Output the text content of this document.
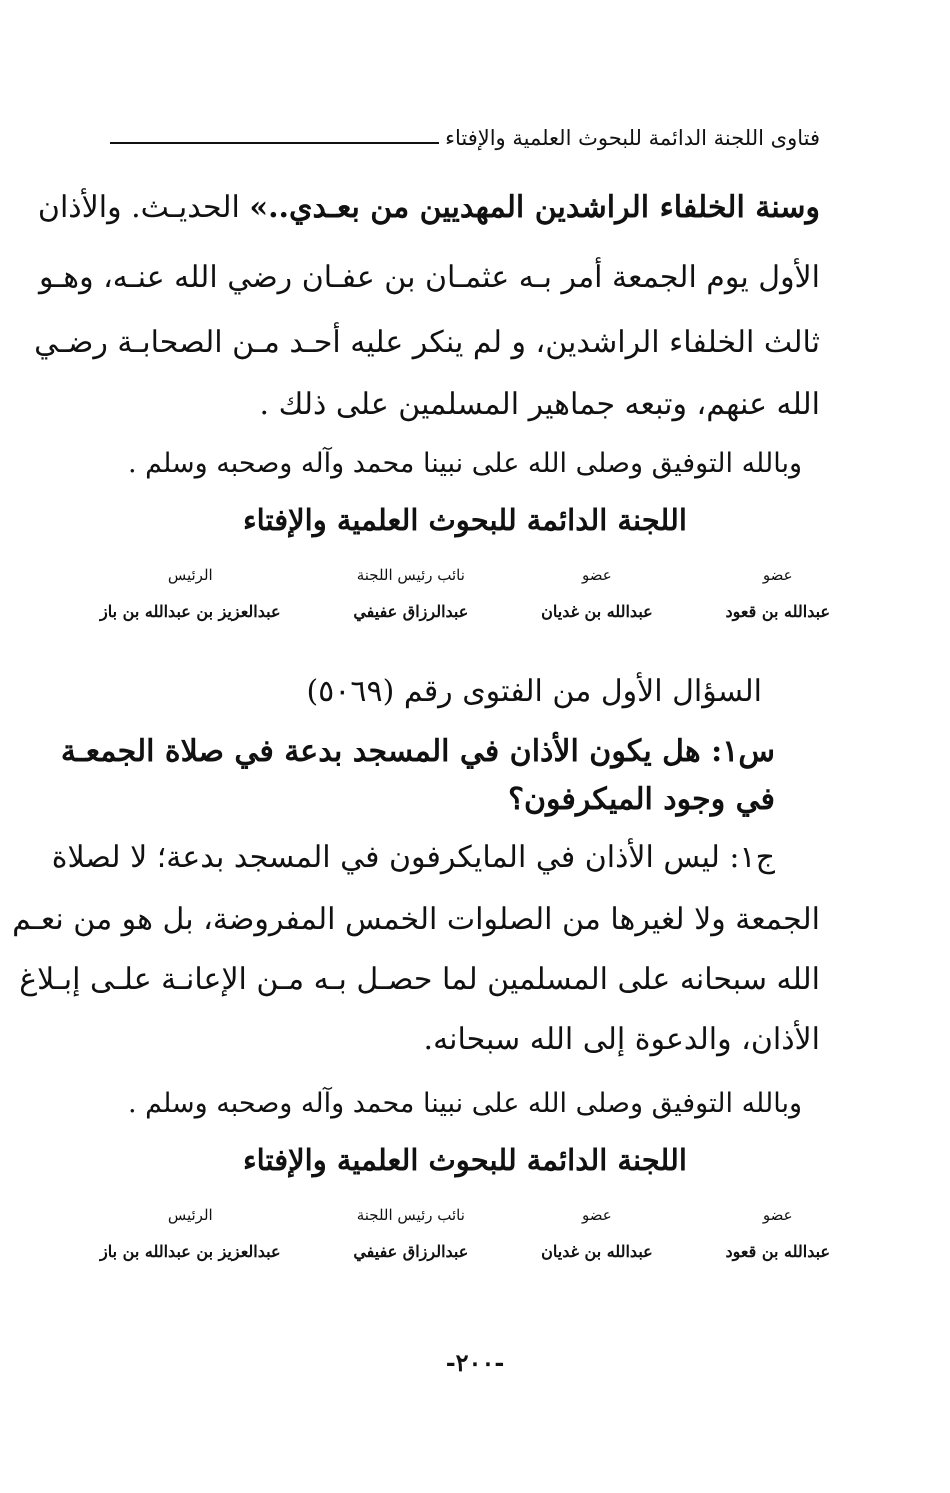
فتاوى اللجنة الدائمة للبحوث العلمية والإفتاء
وسنة الخلفاء الراشدين المهديين من بعـدي..» الحديـث. والأذان
الأول يوم الجمعة أمر بـه عثمـان بن عفـان رضي الله عنـه، وهـو
ثالث الخلفاء الراشدين، و لم ينكر عليه أحـد مـن الصحابـة رضـي
الله عنهم، وتبعه جماهير المسلمين على ذلك .
وبالله التوفيق وصلى الله على نبينا محمد وآله وصحبه وسلم .
اللجنة الدائمة للبحوث العلمية والإفتاء
عضو
عبدالله بن قعود
عضو
عبدالله بن غديان
نائب رئيس اللجنة
عبدالرزاق عفيفي
الرئيس
عبدالعزيز بن عبدالله بن باز
السؤال الأول من الفتوى رقم (٥٠٦٩)
س١: هل يكون الأذان في المسجد بدعة في صلاة الجمعـة
في وجود الميكرفون؟
ج١: ليس الأذان في المايكرفون في المسجد بدعة؛ لا لصلاة
الجمعة ولا لغيرها من الصلوات الخمس المفروضة، بل هو من نعـم
الله سبحانه على المسلمين لما حصـل بـه مـن الإعانـة علـى إبـلاغ
الأذان، والدعوة إلى الله سبحانه.
وبالله التوفيق وصلى الله على نبينا محمد وآله وصحبه وسلم .
اللجنة الدائمة للبحوث العلمية والإفتاء
عضو
عبدالله بن قعود
عضو
عبدالله بن غديان
نائب رئيس اللجنة
عبدالرزاق عفيفي
الرئيس
عبدالعزيز بن عبدالله بن باز
-٢٠٠-
